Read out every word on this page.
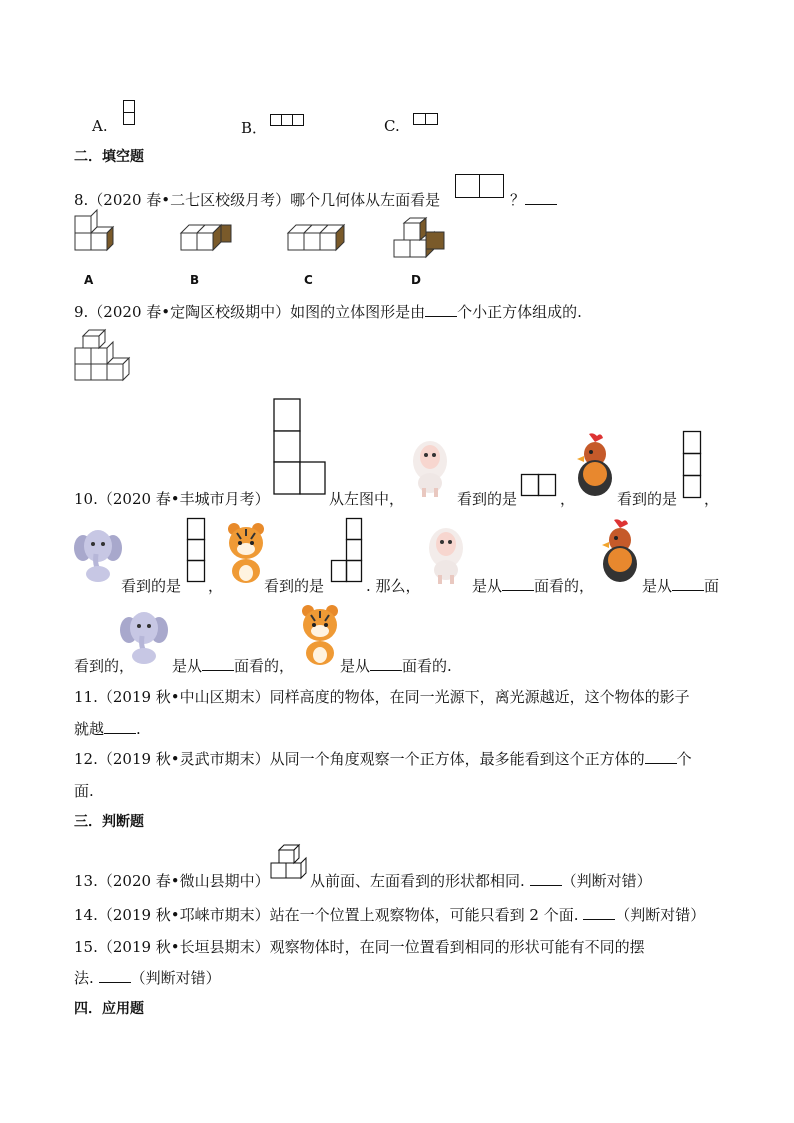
A.	B．	C.
二．填空题
8.（2020 春•二七区校级月考）哪个几何体从左面看是	？
A	B	C	D
9.（2020 春•定陶区校级期中）如图的立体图形是由 个小正方体组成的.
10.（2020 春•丰城市月考）	从左图中，	看到的是	，	看到的是 ，
看到的是 ，	看到的是	. 那么，	是从 面看的，	是从 面
看到的，	是从 面看的，	是从 面看的.
11.（2019 秋•中山区期末）同样高度的物体，在同一光源下，离光源越近，这个物体的影子
就越 .
12.（2019 秋•灵武市期末）从同一个角度观察一个正方体，最多能看到这个正方体的 个
面.
三．判断题
13.（2020 春•微山县期中）	从前面、左面看到的形状都相同. （判断对错）
14.（2019 秋•邛崃市期末）站在一个位置上观察物体，可能只看到 2 个面. （判断对错）
15.（2019 秋•长垣县期末）观察物体时，在同一位置看到相同的形状可能有不同的摆
法. （判断对错）
四．应用题
